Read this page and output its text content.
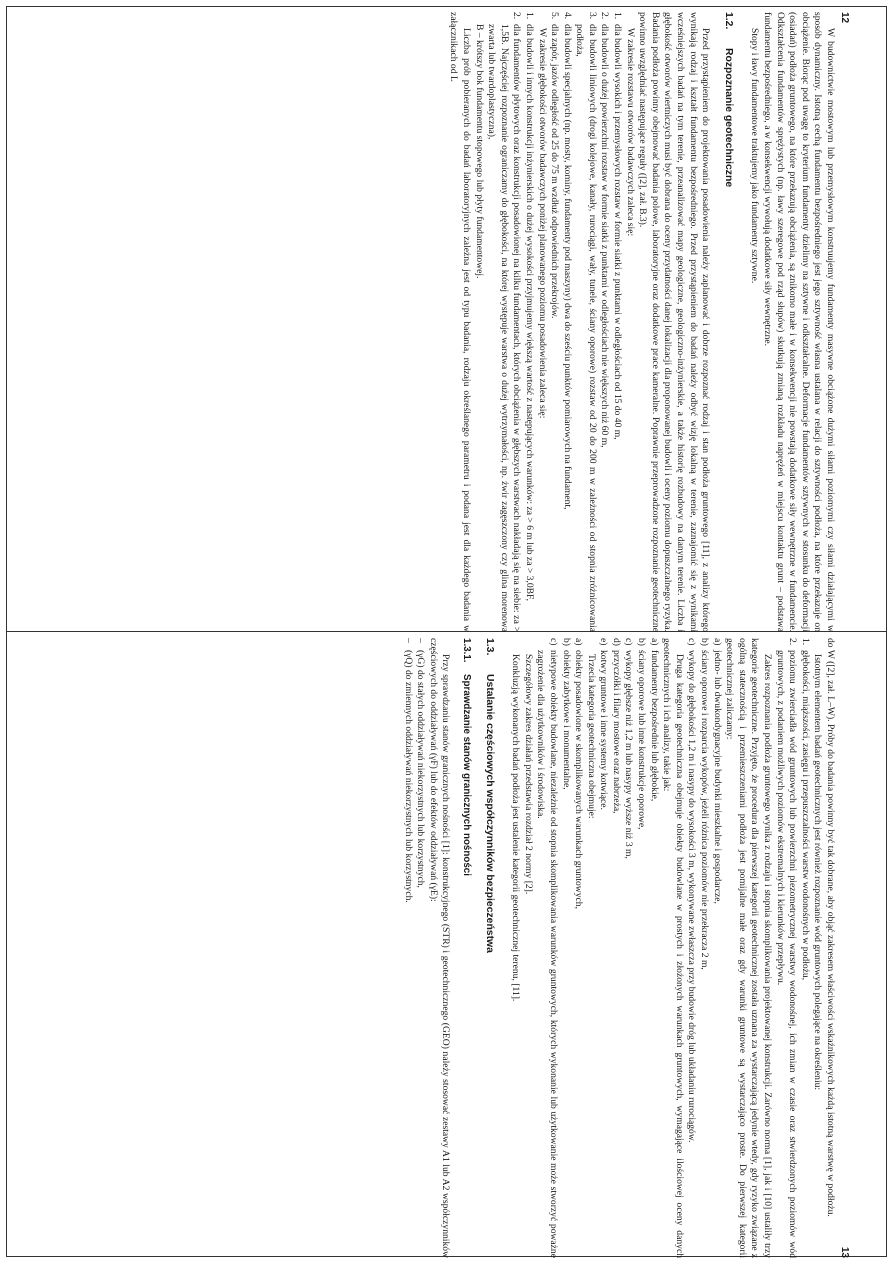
12

W budownictwie mostowym lub przemysłowym konstruujemy fundamenty masywne obciążone dużymi siłami poziomymi czy siłami działającymi w sposób dynamiczny. Istotną cechą fundamentu bezpośredniego jest jego sztywność własna ustalana w relacji do sztywności podłoża, na które przekazuje on obciążenie. Biorąc pod uwagę to kryterium fundamenty dzielimy na sztywne i odkształcalne. Deformacje fundamentów sztywnych w stosunku do deformacji (osiadań) podłoża gruntowego, na które przekazują obciążenia, są znikomo małe i w konsekwencji nie powstają dodatkowe siły wewnętrzne w fundamencie. Odkształcenia fundamentów sprężystych (np. ławy szeregowe pod rząd słupów) skutkują zmianą rozkładu naprężeń w miejscu kontaktu grunt – podstawa fundamentu bezpośredniego, a w konsekwencji wywołują dodatkowe siły wewnętrzne.

Stopy i ławy fundamentowe traktujemy jako fundamenty sztywne.

1.2.
Rozpoznanie geotechniczne

Przed przystąpieniem do projektowania posadowienia należy zaplanować i dobrze rozpoznać rodzaj i stan podłoża gruntowego [11], z analizy którego wynikają rodzaj i kształt fundamentu bezpośredniego. Przed przystąpieniem do badań należy odbyć wizję lokalną w terenie, zaznajomić się z wynikami wcześniejszych badań na tym terenie, przeanalizować mapy geologiczne, geologiczno-inżynierskie, a także historię rozbudowy na danym terenie. Liczba i głębokość otworów wiertniczych musi być dobrana do oceny przydatności danej lokalizacji dla proponowanej budowli i oceny poziomu dopuszczalnego ryzyka. Badania podłoża powinny obejmować badania polowe, laboratoryjne oraz dodatkowe prace kameralne. Poprawnie przeprowadzone rozpoznanie geotechniczne powinno uwzględniać następujące reguły ([2], zał. B.3).

W zakresie rozstawu otworów badawczych zaleca się:

1.
dla budowli wysokich i przemysłowych rozstaw w formie siatki z punktami w odległościach od 15 do 40 m,
2.
dla budowli o dużej powierzchni rozstaw w formie siatki z punktami w odległościach nie większych niż 60 m,
3.
dla budowli liniowych (drogi kolejowe, kanały, rurociągi, wały, tunele, ściany oporowe) rozstaw od 20 do 200 m w zależności od stopnia zróżnicowania podłoża,
4.
dla budowli specjalnych (np. mosty, kominy, fundamenty pod maszyny) dwa do sześciu punktów pomiarowych na fundament,
5.
dla zapór, jazów odległość od 25 do 75 m wzdłuż odpowiednich przekrojów.

W zakresie głębokości otworów badawczych poniżej planowanego poziomu posadowienia zaleca się:

1.
dla budowli i innych konstrukcji inżynierskich o dużej wysokości przyjmujemy większą wartość z następujących warunków: za > 6 m lub za > 3,0BF,
2.
dla fundamentów płytowych oraz konstrukcji posadowionej na kilku fundamentach, których obciążenia w głębszych warstwach nakładają się na siebie: za > 1,5B. Najczęściej rozpoznanie ograniczamy do głębokości, na której występuje warstwa o dużej wytrzymałości, np. żwir zagęszczony czy glina morenowa zwarta lub twardoplastyczna),
B – krótszy bok fundamentu stopowego lub płyty fundamentowej.

Liczba prób pobieranych do badań laboratoryjnych zależna jest od typu badania, rodzaju określanego parametru i podana jest dla każdego badania w załącznikach od L

13

do W ([2], zał. L–W). Próby do badania powinny być tak dobrane, aby objąć zakresem właściwości wskaźnikowych każdą istotną warstwę w podłożu.

Istotnym elementem badań geotechnicznych jest również rozpoznanie wód gruntowych polegające na określeniu:

1.
głębokości, miąższości, zasięgu i przepuszczalności warstw wodonośnych w podłożu,
2.
poziomu zwierciadła wód gruntowych lub powierzchni piezometrycznej warstwy wodonośnej, ich zmian w czasie oraz stwierdzonych poziomów wód gruntowych, z podaniem możliwych poziomów ekstremalnych i kierunków przepływu.

Zakres rozpoznania podłoża gruntowego wynika z rodzaju i stopnia skomplikowania projektowanej konstrukcji. Zarówno norma [1], jak i [10] ustaliły trzy kategorie geotechniczne. Przyjęto, że procedura dla pierwszej kategorii geotechnicznej została uznana za wystarczającą jedynie wtedy, gdy ryzyko związane z ogólną statecznością i przemieszczeniami podłoża jest pomijalne małe oraz gdy warunki gruntowe są wystarczająco proste. Do pierwszej kategorii geotechnicznej zaliczamy:

a)
jedno- lub dwukondygnacyjne budynki mieszkalne i gospodarcze,
b)
ściany oporowe i rozparcia wykopów, jeżeli różnica poziomów nie przekracza 2 m,
c)
wykopy do głębokości 1,2 m i nasypy do wysokości 3 m, wykonywane zwłaszcza przy budowie dróg lub układaniu rurociągów.

Druga kategoria geotechniczna obejmuje obiekty budowlane w prostych i złożonych warunkach gruntowych, wymagające ilościowej oceny danych geotechnicznych i ich analizy, takie jak:

a)
fundamenty bezpośrednie lub głębokie,
b)
ściany oporowe lub inne konstrukcje oporowe,
c)
wykopy głębsze niż 1,2 m lub nasypy wyższe niż 3 m,
d)
przyczółki i filary mostowe oraz nabrzeża,
e)
kotwy gruntowe i inne systemy kotwiące.

Trzecia kategoria geotechniczna obejmuje:

a)
obiekty posadowione w skomplikowanych warunkach gruntowych,
b)
obiekty zabytkowe i monumentalne,
c)
nietypowe obiekty budowlane, niezależnie od stopnia skomplikowania warunków gruntowych, których wykonanie lub użytkowanie może stworzyć poważne zagrożenie dla użytkowników i środowiska.

Szczegółowy zakres działań przedstawia rozdział 2 normy [2].

Konkluzją wykonanych badań podłoża jest ustalenie kategorii geotechnicznej terenu, [11].

1.3.
Ustalanie częściowych współczynników bezpieczeństwa
1.3.1.
Sprawdzanie stanów granicznych nośności

Przy sprawdzaniu stanów granicznych nośności [1]: konstrukcyjnego (STR) i geotechnicznego (GEO) należy stosować zestawy A1 lub A2 współczynników częściowych do oddziaływań (γF) lub do efektów oddziaływań (γE):

–
(γG) do stałych oddziaływań niekorzystnych lub korzystnych,
–
(γQ) do zmiennych oddziaływań niekorzystnych lub korzystnych.
